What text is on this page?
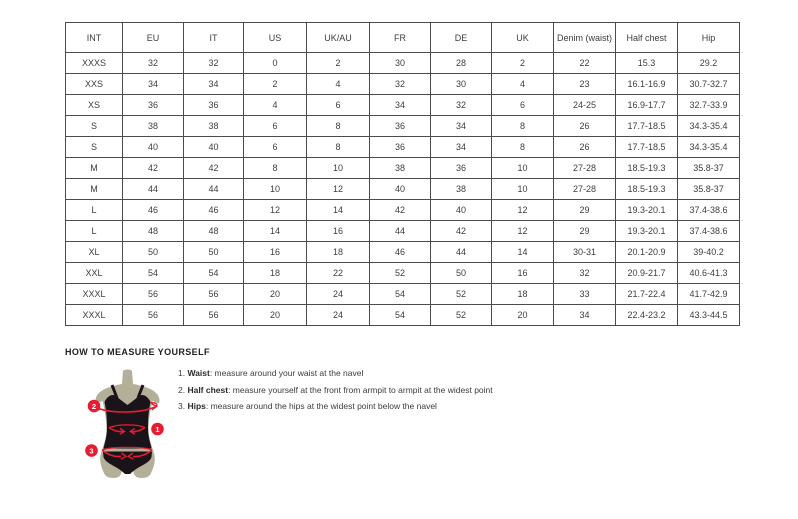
INT	EU	IT	US	UK/AU	FR	DE	UK	Denim (waist)	Half chest	Hip
XXXS	32	32	0	2	30	28	2	22	15.3	29.2
XXS	34	34	2	4	32	30	4	23	16.1-16.9	30.7-32.7
XS	36	36	4	6	34	32	6	24-25	16.9-17.7	32.7-33.9
S	38	38	6	8	36	34	8	26	17.7-18.5	34.3-35.4
S	40	40	6	8	36	34	8	26	17.7-18.5	34.3-35.4
M	42	42	8	10	38	36	10	27-28	18.5-19.3	35.8-37
M	44	44	10	12	40	38	10	27-28	18.5-19.3	35.8-37
L	46	46	12	14	42	40	12	29	19.3-20.1	37.4-38.6
L	48	48	14	16	44	42	12	29	19.3-20.1	37.4-38.6
XL	50	50	16	18	46	44	14	30-31	20.1-20.9	39-40.2
XXL	54	54	18	22	52	50	16	32	20.9-21.7	40.6-41.3
XXXL	56	56	20	24	54	52	18	33	21.7-22.4	41.7-42.9
XXXL	56	56	20	24	54	52	20	34	22.4-23.2	43.3-44.5
HOW TO MEASURE YOURSELF
1. Waist: measure around your waist at the navel
2. Half chest: measure yourself at the front from armpit to armpit at the widest point
3. Hips: measure around the hips at the widest point below the navel
2
1
3
